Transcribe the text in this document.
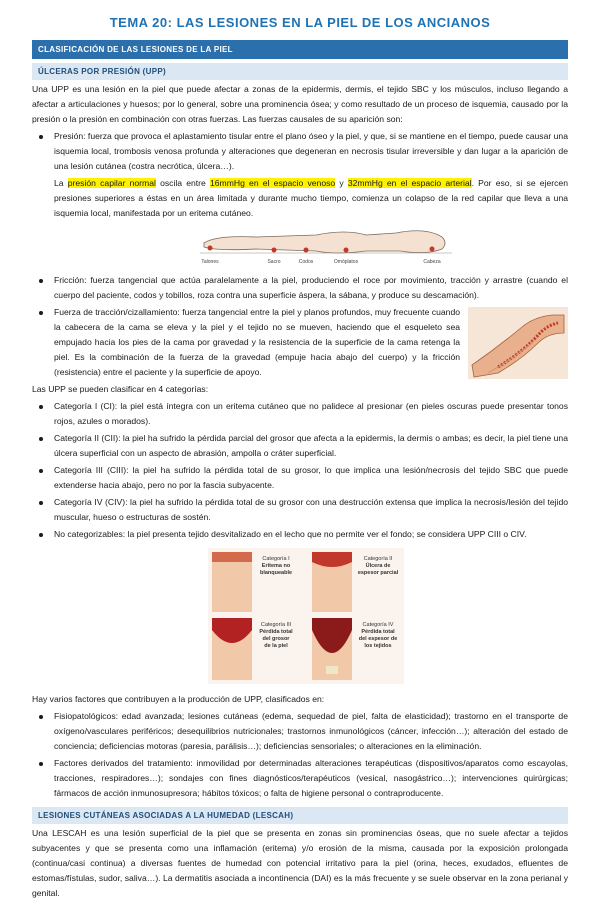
TEMA 20: LAS LESIONES EN LA PIEL DE LOS ANCIANOS
CLASIFICACIÓN DE LAS LESIONES DE LA PIEL
ÚLCERAS POR PRESIÓN (UPP)

Una UPP es una lesión en la piel que puede afectar a zonas de la epidermis, dermis, el tejido SBC y los músculos, incluso llegando a afectar a articulaciones y huesos; por lo general, sobre una prominencia ósea; y como resultado de un proceso de isquemia, causado por la presión o la presión en combinación con otras fuerzas. Las fuerzas causales de su aparición son:

Presión: fuerza que provoca el aplastamiento tisular entre el plano óseo y la piel, y que, si se mantiene en el tiempo, puede causar una isquemia local, trombosis venosa profunda y alteraciones que degeneran en necrosis tisular irreversible y dan lugar a la aparición de una lesión cutánea (costra necrótica, úlcera…).
La presión capilar normal oscila entre 16mmHg en el espacio venoso y 32mmHg en el espacio arterial. Por eso, si se ejercen presiones superiores a éstas en un área limitada y durante mucho tiempo, comienza un colapso de la red capilar que lleva a una isquemia local, manifestada por un eritema cutáneo.
Talones	Sacro	Codos	Omóplatos	Cabeza
Fricción: fuerza tangencial que actúa paralelamente a la piel, produciendo el roce por movimiento, tracción y arrastre (cuando el cuerpo del paciente, codos y tobillos, roza contra una superficie áspera, la sábana, y produce su descamación).
Fuerza de tracción/cizallamiento: fuerza tangencial entre la piel y planos profundos, muy frecuente cuando la cabecera de la cama se eleva y la piel y el tejido no se mueven, haciendo que el esqueleto sea empujado hacia los pies de la cama por gravedad y la resistencia de la superficie de la cama retenga la piel. Es la combinación de la fuerza de la gravedad (empuje hacia abajo del cuerpo) y la fricción (resistencia) entre el paciente y la superficie de apoyo.

Las UPP se pueden clasificar en 4 categorías:

Categoría I (CI): la piel está íntegra con un eritema cutáneo que no palidece al presionar (en pieles oscuras puede presentar tonos rojos, azules o morados).
Categoría II (CII): la piel ha sufrido la pérdida parcial del grosor que afecta a la epidermis, la dermis o ambas; es decir, la piel tiene una úlcera superficial con un aspecto de abrasión, ampolla o cráter superficial.
Categoría III (CIII): la piel ha sufrido la pérdida total de su grosor, lo que implica una lesión/necrosis del tejido SBC que puede extenderse hacia abajo, pero no por la fascia subyacente.
Categoría IV (CIV): la piel ha sufrido la pérdida total de su grosor con una destrucción extensa que implica la necrosis/lesión del tejido muscular, hueso o estructuras de sostén.
No categorizables: la piel presenta tejido desvitalizado en el lecho que no permite ver el fondo; se considera UPP CIII o CIV.
Categoría I
Eritema no
blanqueable
Categoría II
Úlcera de
espesor parcial
Categoría III
Pérdida total
del grosor
de la piel
Categoría IV
Pérdida total
del espesor de
los tejidos

Hay varios factores que contribuyen a la producción de UPP, clasificados en:

Fisiopatológicos: edad avanzada; lesiones cutáneas (edema, sequedad de piel, falta de elasticidad); trastorno en el transporte de oxígeno/vasculares periféricos; desequilibrios nutricionales; trastornos inmunológicos (cáncer, infección…); alteración del estado de conciencia; deficiencias motoras (paresia, parálisis…); deficiencias sensoriales; o alteraciones en la eliminación.
Factores derivados del tratamiento: inmovilidad por determinadas alteraciones terapéuticas (dispositivos/aparatos como escayolas, tracciones, respiradores…); sondajes con fines diagnósticos/terapéuticos (vesical, nasogástrico…); intervenciones quirúrgicas; fármacos de acción inmunosupresora; hábitos tóxicos; o falta de higiene personal o contraproducente.
LESIONES CUTÁNEAS ASOCIADAS A LA HUMEDAD (LESCAH)

Una LESCAH es una lesión superficial de la piel que se presenta en zonas sin prominencias óseas, que no suele afectar a tejidos subyacentes y que se presenta como una inflamación (eritema) y/o erosión de la misma, causada por la exposición prolongada (continua/casi continua) a diversas fuentes de humedad con potencial irritativo para la piel (orina, heces, exudados, efluentes de estomas/fístulas, sudor, saliva…). La dermatitis asociada a incontinencia (DAI) es la más frecuente y se suele observar en la zona perianal y genital.
